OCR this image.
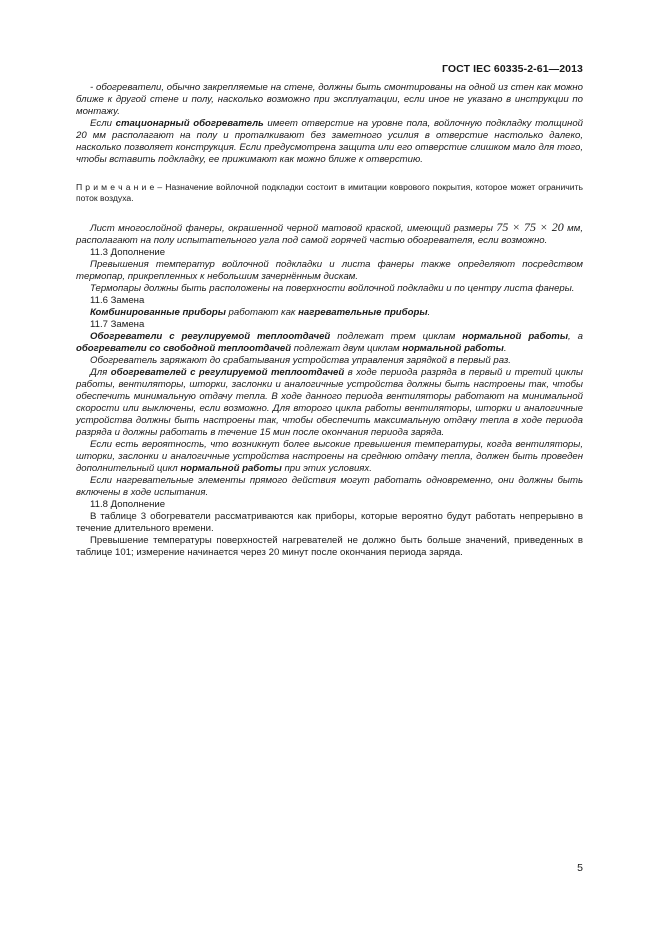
ГОСТ IEC 60335-2-61—2013

- обогреватели, обычно закрепляемые на стене, должны быть смонтированы на одной из стен как можно ближе к другой стене и полу, насколько возможно при эксплуатации, если иное не указано в инструкции по монтажу.

Если стационарный обогреватель имеет отверстие на уровне пола, войлочную подкладку толщиной 20 мм располагают на полу и проталкивают без заметного усилия в отверстие настолько далеко, насколько позволяет конструкция. Если предусмотрена защита или его отверстие слишком мало для того, чтобы вставить подкладку, ее прижимают как можно ближе к отверстию.

П р и м е ч а н и е – Назначение войлочной подкладки состоит в имитации коврового покрытия, которое может ограничить поток воздуха.

Лист многослойной фанеры, окрашенной черной матовой краской, имеющий размеры 75 × 75 × 20 мм, располагают на полу испытательного угла под самой горячей частью обогревателя, если возможно.

11.3 Дополнение

Превышения температур войлочной подкладки и листа фанеры также определяют посредством термопар, прикрепленных к небольшим зачернённым дискам.

Термопары должны быть расположены на поверхности войлочной подкладки и по центру листа фанеры.

11.6 Замена

Комбинированные приборы работают как нагревательные приборы.

11.7 Замена

Обогреватели с регулируемой теплоотдачей подлежат трем циклам нормальной работы, а обогреватели со свободной теплоотдачей подлежат двум циклам нормальной работы.

Обогреватель заряжают до срабатывания устройства управления зарядкой в первый раз.

Для обогревателей с регулируемой теплоотдачей в ходе периода разряда в первый и третий циклы работы, вентиляторы, шторки, заслонки и аналогичные устройства должны быть настроены так, чтобы обеспечить минимальную отдачу тепла. В ходе данного периода вентиляторы работают на минимальной скорости или выключены, если возможно. Для второго цикла работы вентиляторы, шторки и аналогичные устройства должны быть настроены так, чтобы обеспечить максимальную отдачу тепла в ходе периода разряда и должны работать в течение 15 мин после окончания периода заряда.

Если есть вероятность, что возникнут более высокие превышения температуры, когда вентиляторы, шторки, заслонки и аналогичные устройства настроены на среднюю отдачу тепла, должен быть проведен дополнительный цикл нормальной работы при этих условиях.

Если нагревательные элементы прямого действия могут работать одновременно, они должны быть включены в ходе испытания.

11.8 Дополнение

В таблице 3 обогреватели рассматриваются как приборы, которые вероятно будут работать непрерывно в течение длительного времени.

Превышение температуры поверхностей нагревателей не должно быть больше значений, приведенных в таблице 101; измерение начинается через 20 минут после окончания периода заряда.

5
